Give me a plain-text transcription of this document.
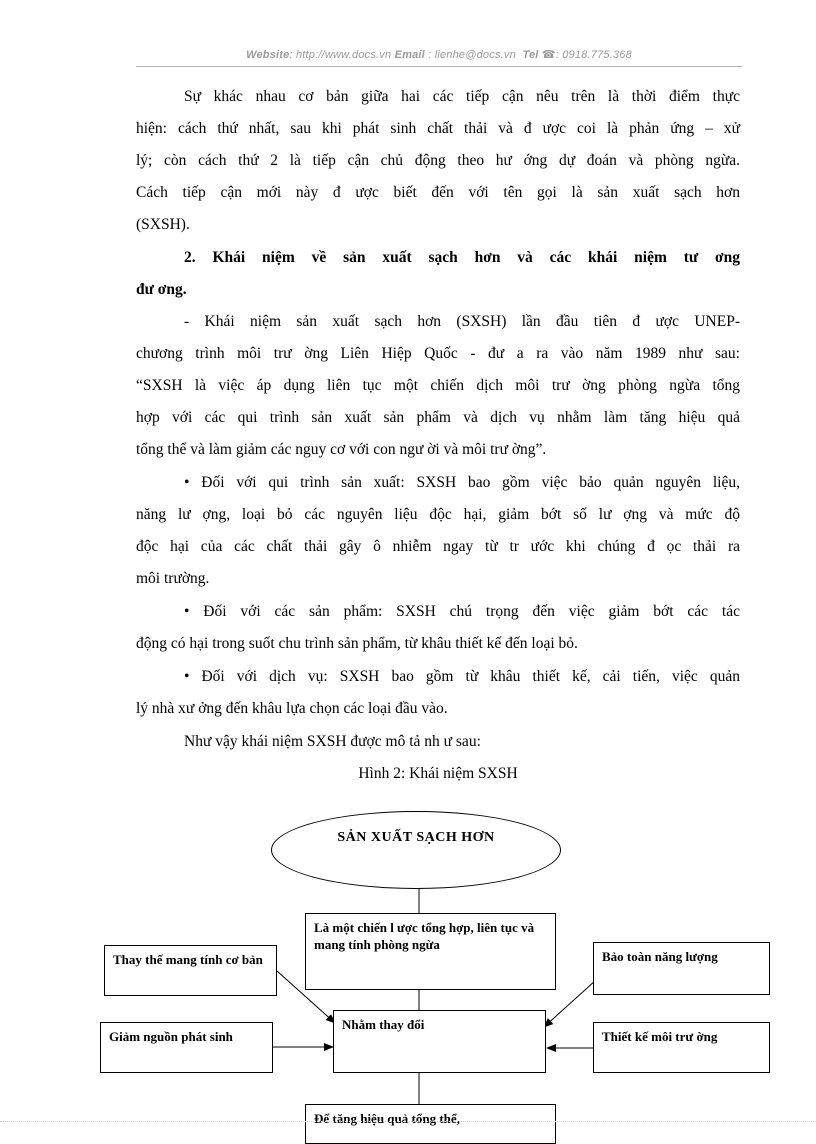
Website: http://www.docs.vn Email : lienhe@docs.vn Tel ☎: 0918.775.368
Sự khác nhau cơ bản giữa hai các tiếp cận nêu trên là thời điểm thực
hiện: cách thứ nhất, sau khi phát sinh chất thải và đ ược coi là phản ứng – xử
lý; còn cách thứ 2 là tiếp cận chủ động theo hư ớng dự đoán và phòng ngừa.
Cách tiếp cận mới này đ ược biết đến với tên gọi là sản xuất sạch hơn
(SXSH).
2. Khái niệm về sản xuất sạch hơn và các khái niệm tư ơng
đư ơng.
- Khái niệm sản xuất sạch hơn (SXSH) lần đầu tiên đ ược UNEP-
chương trình môi trư ờng Liên Hiệp Quốc - đư a ra vào năm 1989 như sau:
“SXSH là việc áp dụng liên tục một chiến dịch môi trư ờng phòng ngừa tổng
hợp với các qui trình sản xuất sản phẩm và dịch vụ nhằm làm tăng hiệu quả
tổng thể và làm giảm các nguy cơ với con ngư ời và môi trư ờng”.
• Đối với qui trình sản xuất: SXSH bao gồm việc bảo quản nguyên liệu,
năng lư ợng, loại bỏ các nguyên liệu độc hại, giảm bớt số lư ợng và mức độ
độc hại của các chất thải gây ô nhiễm ngay từ tr ước khi chúng đ ọc thải ra
môi trường.
• Đối với các sản phẩm: SXSH chú trọng đến việc giảm bớt các tác
động có hại trong suốt chu trình sản phẩm, từ khâu thiết kế đến loại bỏ.
• Đối với dịch vụ: SXSH bao gồm từ khâu thiết kế, cải tiến, việc quản
lý nhà xư ởng đến khâu lựa chọn các loại đầu vào.
Như vậy khái niệm SXSH được mô tả nh ư sau:
Hình 2: Khái niệm SXSH
SẢN XUẤT SẠCH HƠN
Là một chiến l ược tổng hợp, liên tục và mang tính phòng ngừa
Nhằm thay đổi
Để tăng hiệu quả tổng thể,
Thay thế mang tính cơ bản
Giảm nguồn phát sinh
Bảo toàn năng lượng
Thiết kế môi trư ờng
